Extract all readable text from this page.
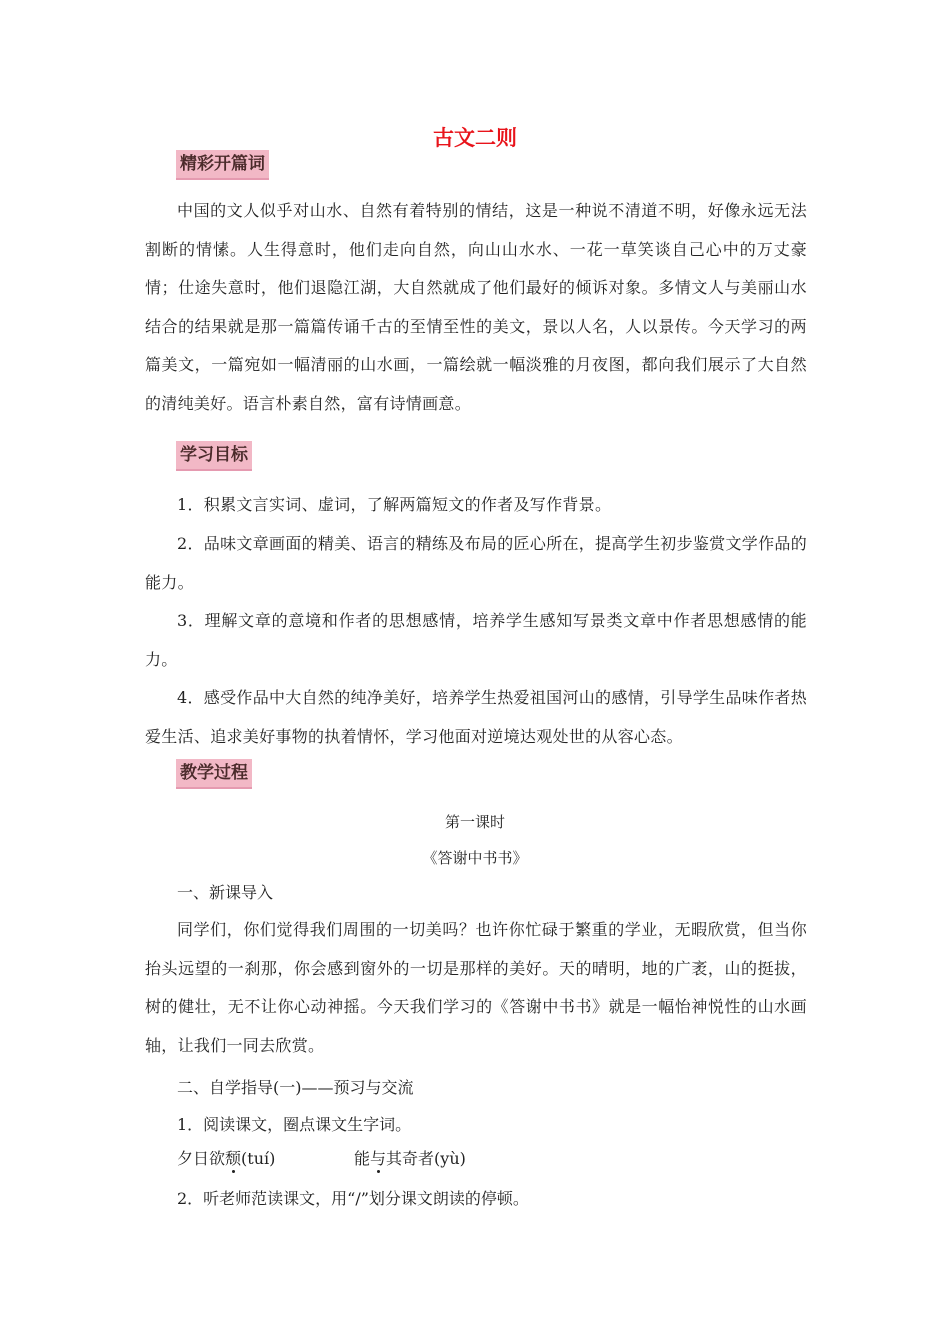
古文二则
精彩开篇词
中国的文人似乎对山水、自然有着特别的情结，这是一种说不清道不明，好像永远无法割断的情愫。人生得意时，他们走向自然，向山山水水、一花一草笑谈自己心中的万丈豪情；仕途失意时，他们退隐江湖，大自然就成了他们最好的倾诉对象。多情文人与美丽山水结合的结果就是那一篇篇传诵千古的至情至性的美文，景以人名，人以景传。今天学习的两篇美文，一篇宛如一幅清丽的山水画，一篇绘就一幅淡雅的月夜图，都向我们展示了大自然的清纯美好。语言朴素自然，富有诗情画意。
学习目标
1．积累文言实词、虚词，了解两篇短文的作者及写作背景。
2．品味文章画面的精美、语言的精练及布局的匠心所在，提高学生初步鉴赏文学作品的能力。
3．理解文章的意境和作者的思想感情，培养学生感知写景类文章中作者思想感情的能力。
4．感受作品中大自然的纯净美好，培养学生热爱祖国河山的感情，引导学生品味作者热爱生活、追求美好事物的执着情怀，学习他面对逆境达观处世的从容心态。
教学过程
第一课时
《答谢中书书》
一、新课导入
同学们，你们觉得我们周围的一切美吗？也许你忙碌于繁重的学业，无暇欣赏，但当你抬头远望的一刹那，你会感到窗外的一切是那样的美好。天的晴明，地的广袤，山的挺拔，树的健壮，无不让你心动神摇。今天我们学习的《答谢中书书》就是一幅怡神悦性的山水画轴，让我们一同去欣赏。
二、自学指导(一)——预习与交流
1．阅读课文，圈点课文生字词。
夕日欲颓(tuí)	能与其奇者(yù)
2．听老师范读课文，用“/”划分课文朗读的停顿。
